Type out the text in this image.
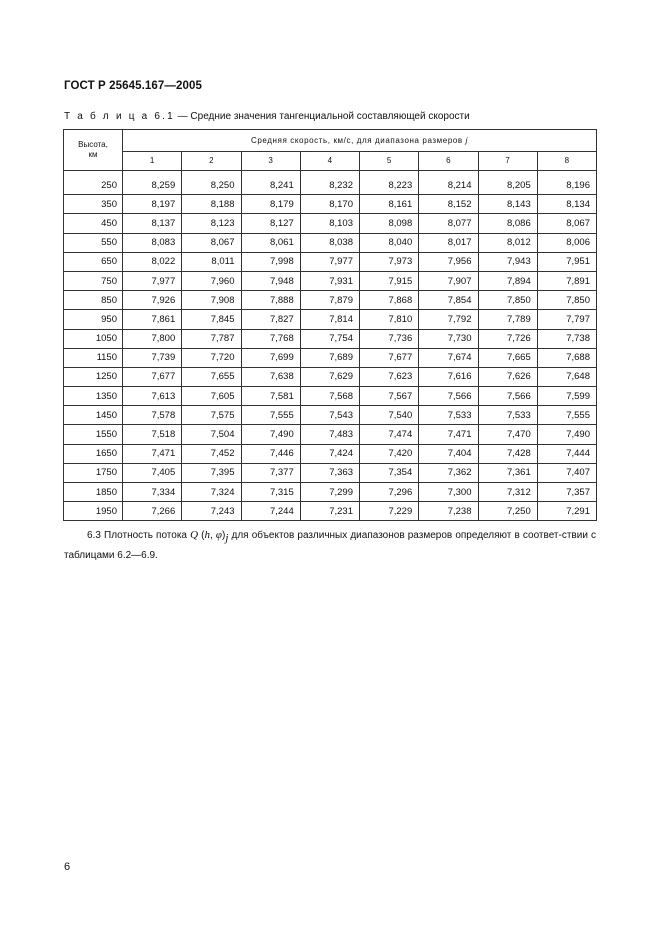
ГОСТ Р 25645.167—2005
Т а б л и ц а 6.1 — Средние значения тангенциальной составляющей скорости
Высота,
км	Средняя скорость, км/с, для диапазона размеров j							
	1	2	3	4	5	6	7	8

250	8,259	8,250	8,241	8,232	8,223	8,214	8,205	8,196
350	8,197	8,188	8,179	8,170	8,161	8,152	8,143	8,134
450	8,137	8,123	8,127	8,103	8,098	8,077	8,086	8,067
550	8,083	8,067	8,061	8,038	8,040	8,017	8,012	8,006
650	8,022	8,011	7,998	7,977	7,973	7,956	7,943	7,951
750	7,977	7,960	7,948	7,931	7,915	7,907	7,894	7,891
850	7,926	7,908	7,888	7,879	7,868	7,854	7,850	7,850
950	7,861	7,845	7,827	7,814	7,810	7,792	7,789	7,797
1050	7,800	7,787	7,768	7,754	7,736	7,730	7,726	7,738
1150	7,739	7,720	7,699	7,689	7,677	7,674	7,665	7,688
1250	7,677	7,655	7,638	7,629	7,623	7,616	7,626	7,648
1350	7,613	7,605	7,581	7,568	7,567	7,566	7,566	7,599
1450	7,578	7,575	7,555	7,543	7,540	7,533	7,533	7,555
1550	7,518	7,504	7,490	7,483	7,474	7,471	7,470	7,490
1650	7,471	7,452	7,446	7,424	7,420	7,404	7,428	7,444
1750	7,405	7,395	7,377	7,363	7,354	7,362	7,361	7,407
1850	7,334	7,324	7,315	7,299	7,296	7,300	7,312	7,357
1950	7,266	7,243	7,244	7,231	7,229	7,238	7,250	7,291
6.3 Плотность потока Q (h, $\varphi)_j$ для объектов различных диапазонов размеров определяют в соответ-ствии с таблицами 6.2—6.9.
6
